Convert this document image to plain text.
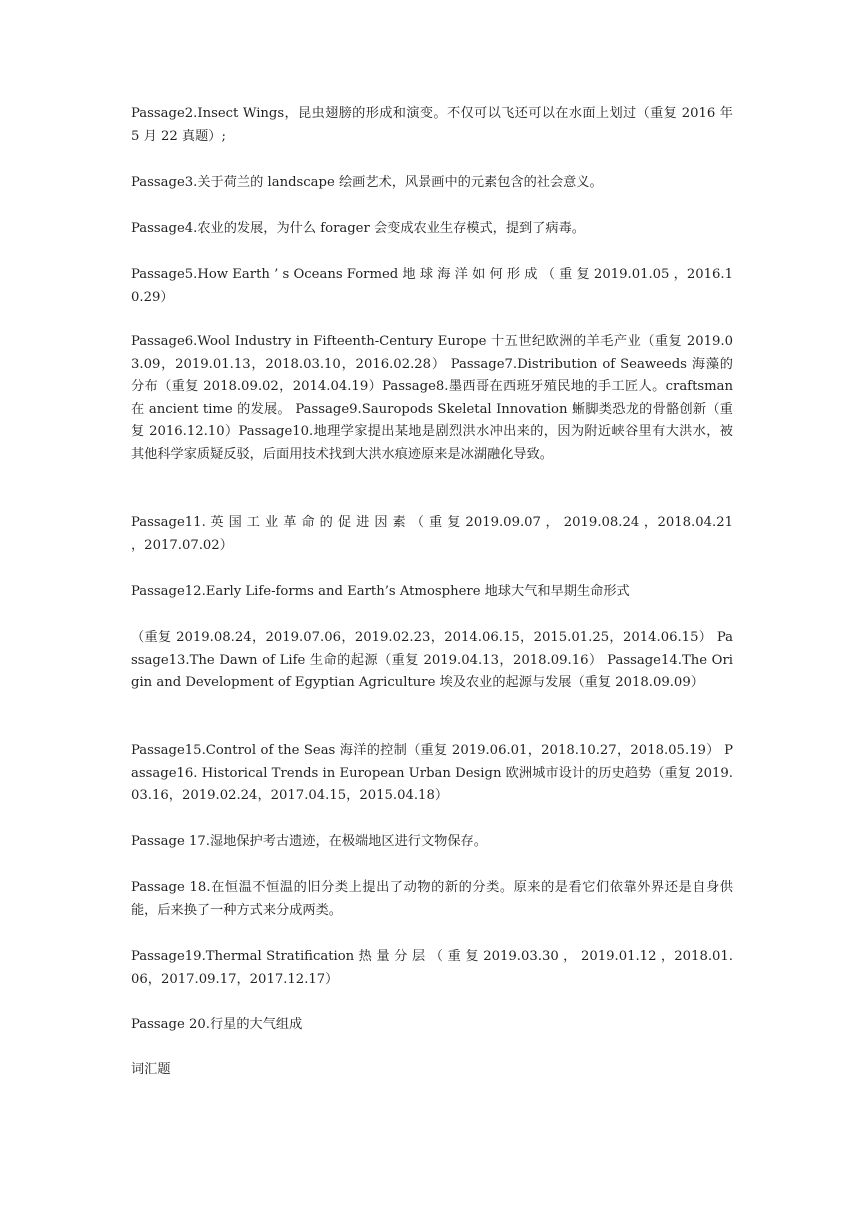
Passage2.Insect Wings，昆虫翅膀的形成和演变。不仅可以飞还可以在水面上划过（重复 2016 年 5 月 22 真题）;

Passage3.关于荷兰的 landscape 绘画艺术，风景画中的元素包含的社会意义。

Passage4.农业的发展，为什么 forager 会变成农业生存模式，提到了病毒。

Passage5.How Earth ’ s Oceans Formed 地 球 海 洋 如 何 形 成 （ 重 复 2019.01.05 ，2016.10.29）

Passage6.Wool Industry in Fifteenth-Century Europe 十五世纪欧洲的羊毛产业（重复 2019.03.09，2019.01.13，2018.03.10，2016.02.28） Passage7.Distribution of Seaweeds 海藻的分布（重复 2018.09.02，2014.04.19）Passage8.墨西哥在西班牙殖民地的手工匠人。craftsman 在 ancient time 的发展。 Passage9.Sauropods Skeletal Innovation 蜥脚类恐龙的骨骼创新（重复 2016.12.10）Passage10.地理学家提出某地是剧烈洪水冲出来的，因为附近峡谷里有大洪水，被其他科学家质疑反驳，后面用技术找到大洪水痕迹原来是冰湖融化导致。

Passage11. 英 国 工 业 革 命 的 促 进 因 素 （ 重 复 2019.09.07 ， 2019.08.24 ，2018.04.21 ，2017.07.02）

Passage12.Early Life-forms and Earth’s Atmosphere 地球大气和早期生命形式

（重复 2019.08.24，2019.07.06，2019.02.23，2014.06.15，2015.01.25，2014.06.15） Passage13.The Dawn of Life 生命的起源（重复 2019.04.13，2018.09.16） Passage14.The Origin and Development of Egyptian Agriculture 埃及农业的起源与发展（重复 2018.09.09）

Passage15.Control of the Seas 海洋的控制（重复 2019.06.01，2018.10.27，2018.05.19） Passage16. Historical Trends in European Urban Design 欧洲城市设计的历史趋势（重复 2019.03.16，2019.02.24，2017.04.15，2015.04.18）

Passage 17.湿地保护考古遗迹，在极端地区进行文物保存。

Passage 18.在恒温不恒温的旧分类上提出了动物的新的分类。原来的是看它们依靠外界还是自身供能，后来换了一种方式来分成两类。

Passage19.Thermal Stratification 热 量 分 层 （ 重 复 2019.03.30 ， 2019.01.12 ，2018.01.06，2017.09.17，2017.12.17）

Passage 20.行星的大气组成

词汇题
